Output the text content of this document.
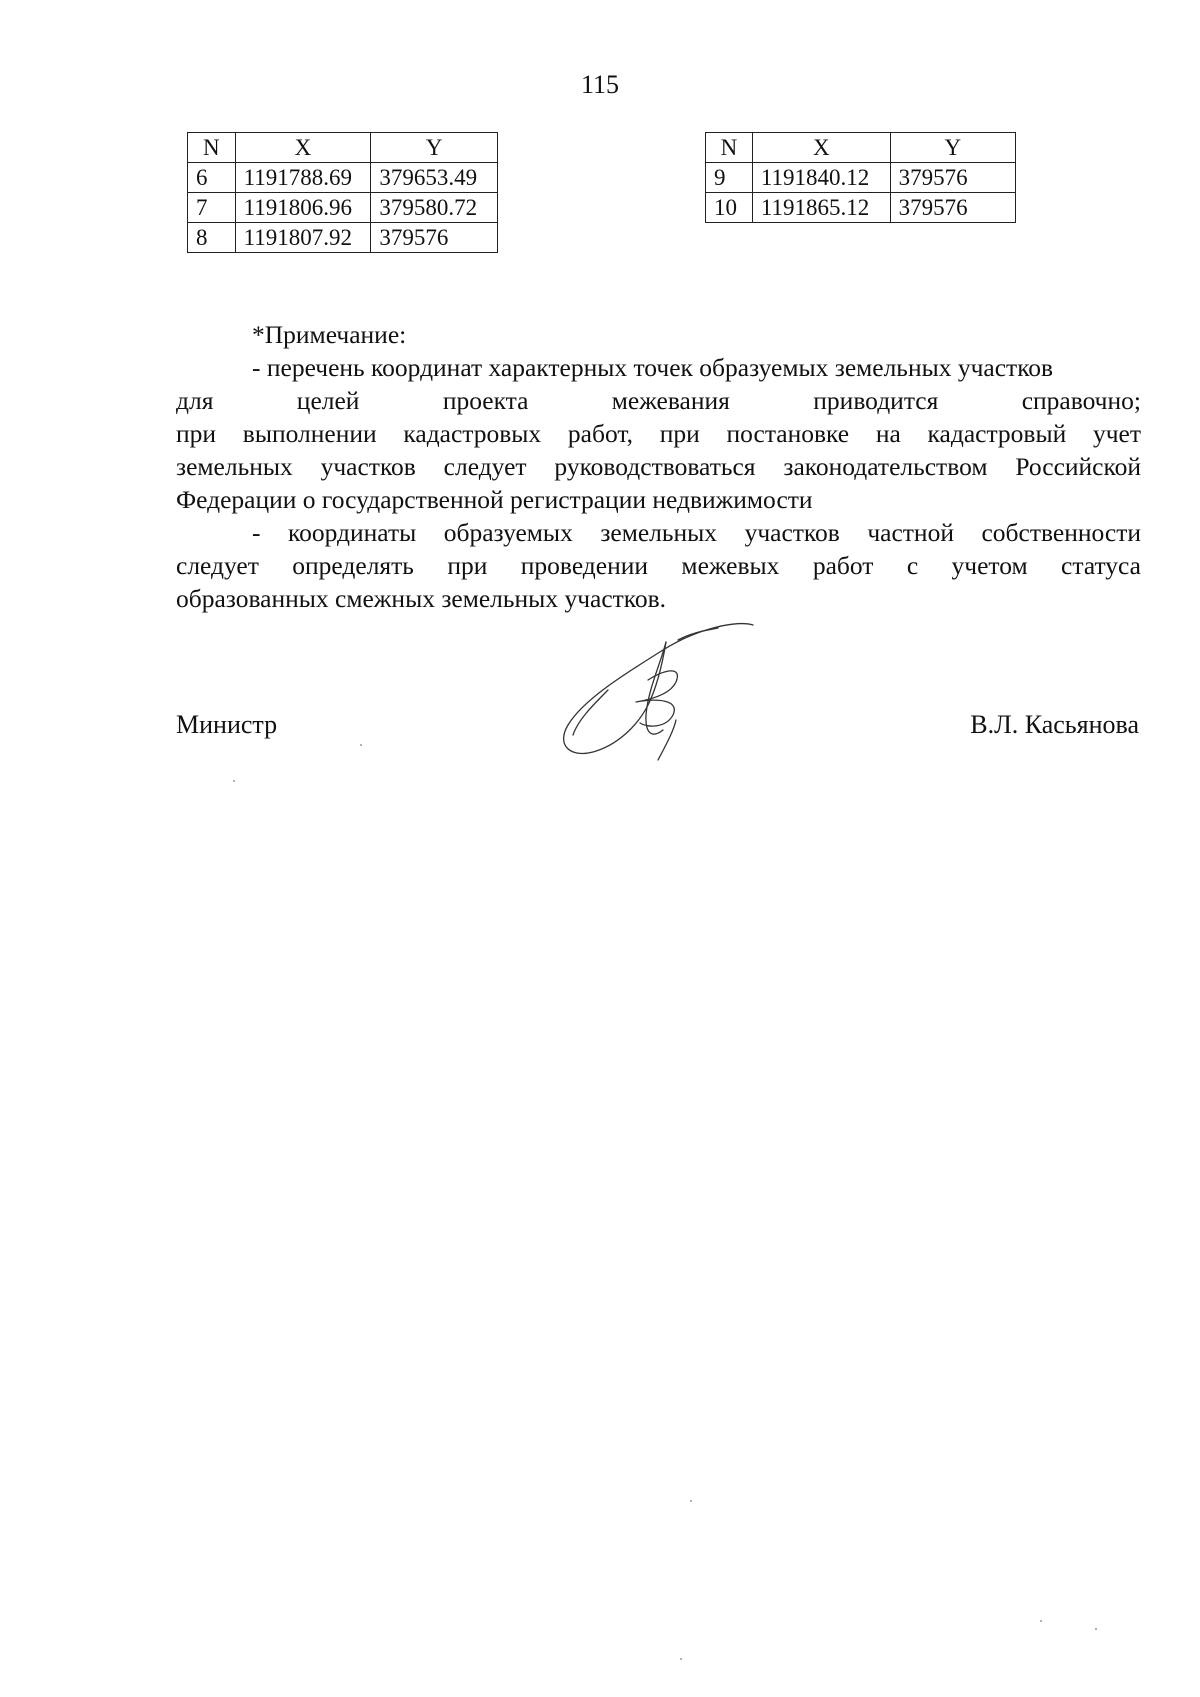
115
N	X	Y
6	1191788.69	379653.49
7	1191806.96	379580.72
8	1191807.92	379576
N	X	Y
9	1191840.12	379576
10	1191865.12	379576

*Примечание:

- перечень координат характерных точек образуемых земельных участков

для целей проекта межевания приводится справочно;

при выполнении кадастровых работ, при постановке на кадастровый учет

земельных участков следует руководствоваться законодательством Российской

Федерации о государственной регистрации недвижимости

- координаты образуемых земельных участков частной собственности

следует определять при проведении межевых работ с учетом статуса

образованных смежных земельных участков.

Министр	В.Л. Касьянова
